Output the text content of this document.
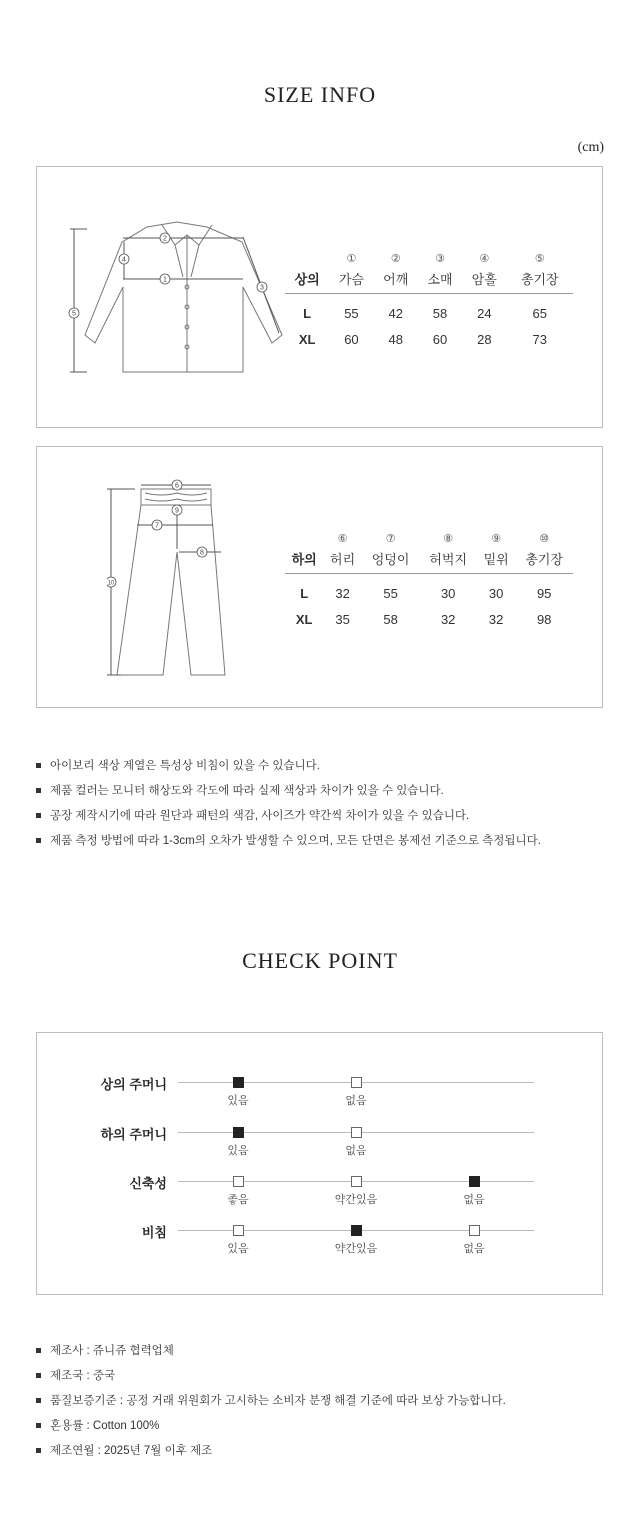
SIZE INFO
(cm)
1
2
3
4
5
	①	②	③	④	⑤
상의	가슴	어깨	소매	암홀	총기장
L	55	42	58	24	65
XL	60	48	60	28	73
6
7
8
9
10
	⑥	⑦	⑧	⑨	⑩
하의	허리	엉덩이	허벅지	밑위	총기장
L	32	55	30	30	95
XL	35	58	32	32	98
아이보리 색상 계열은 특성상 비침이 있을 수 있습니다.
제품 컬러는 모니터 해상도와 각도에 따라 실제 색상과 차이가 있을 수 있습니다.
공장 제작시기에 따라 원단과 패턴의 색감, 사이즈가 약간씩 차이가 있을 수 있습니다.
제품 측정 방법에 따라 1-3cm의 오차가 발생할 수 있으며, 모든 단면은 봉제선 기준으로 측정됩니다.
CHECK POINT
상의 주머니
있음	없음
하의 주머니
있음	없음
신축성
좋음	약간있음	없음
비침
있음	약간있음	없음
제조사 : 쥬니쥬 협력업체
제조국 : 중국
품질보증기준 : 공정 거래 위원회가 고시하는 소비자 분쟁 해결 기준에 따라 보상 가능합니다.
혼용률 : Cotton 100%
제조연월 : 2025년 7월 이후 제조
